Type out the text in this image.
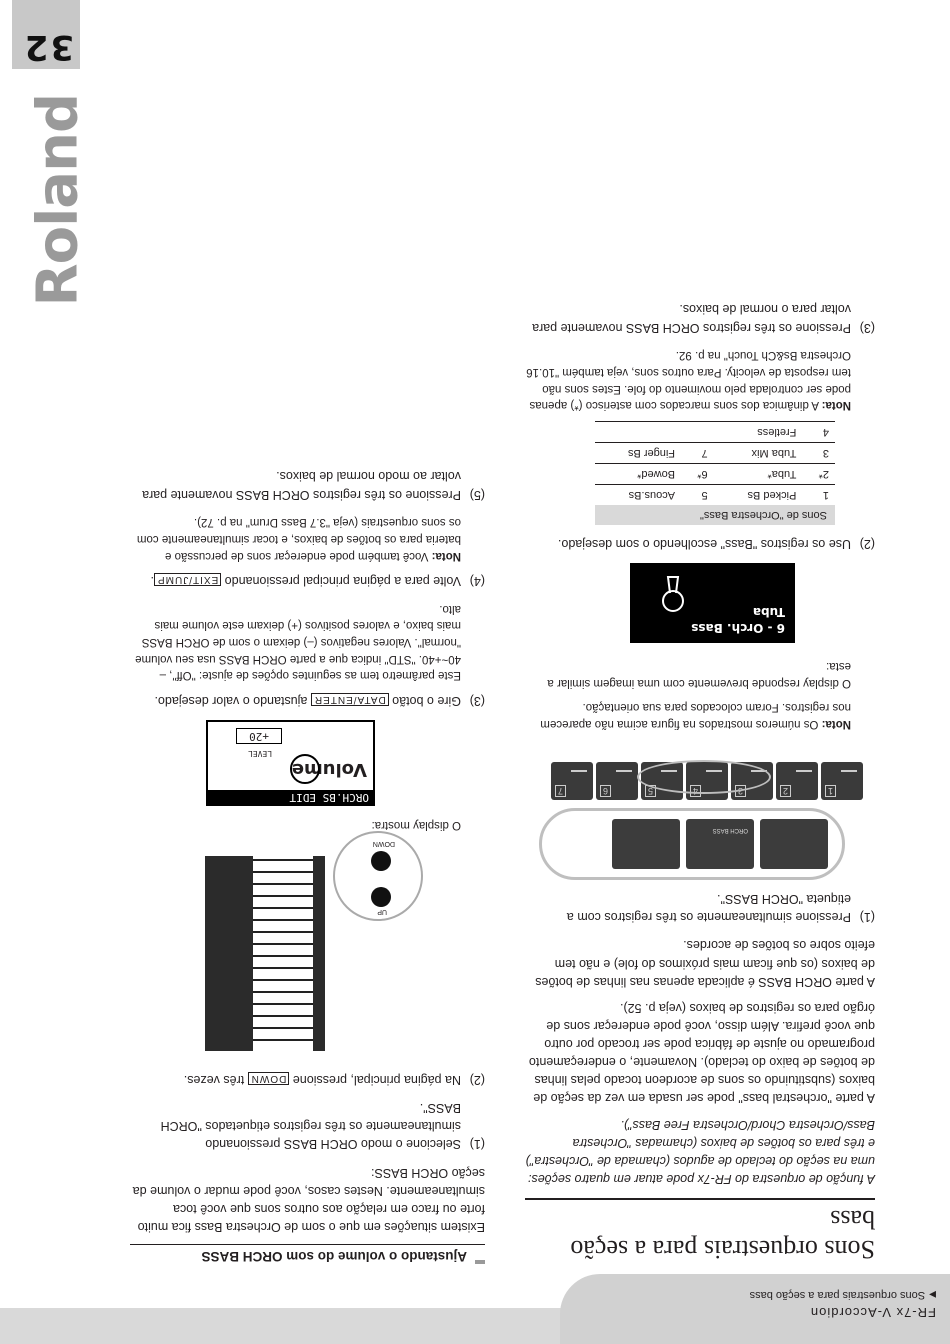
FR-7x V-Accordion
▶Sons orquestrais para a seção bass
32
Roland
Sons orquestrais para a seção bass

A função de orquestra do FR-7x pode atuar em quatro seções: uma na seção do teclado de agudos (chamada de "Orchestra") e três para os botões de baixos (chamadas "Orchestra Bass/Orchestra Chord/Orchestra Free Bass").

A parte "orchestral bass" pode ser usada em vez da seção de baixos (substituindo os sons de acordeon tocado pelas linhas de botões de baixo do teclado). Novamente, o endereçamento programado no ajuste de fábrica pode ser trocado por outro que você prefira. Além disso, você pode endereçar sons de órgão para os registros de baixos (veja p. 52).

A parte ORCH BASS é aplicada apenas nas linhas de botões de baixos (os que ficam mais próximos do fole) e não tem efeito sobre os botões de acordes.

(1)
Pressione simultaneamente os três registros com a etiqueta "ORCH BASS".
ORCH BASS
1
2
3
4
5
6
7

Nota: Os números mostrados na figura acima não aparecem nos registros. Foram colocados para sua orientação.

O display responde brevemente com uma imagem similar a esta:

6 - Orch. Bass
Tuba
(2)
Use os registros "Bass" escolhendo o som desejado.
Sons de "Orchestra Bass"			
1	Picked Bs	5	Acous.Bs
2*	Tuba*	6*	Bowed*
3	Tuba Mix	7	Finger Bs
4	Fretless		

Nota: A dinâmica dos sons marcados com asterisco (*) apenas pode ser controlada pelo movimento do fole. Estes sons não tem resposta de velocity. Para outros sons, veja também "10.16 Orchestra Bs&Ch Touch" na p. 92.

(3)
Pressione os três registros ORCH BASS novamente para voltar para o normal de baixos.
Ajustando o volume do som ORCH BASS

Existem situações em que o som de Orchestra Bass fica muito forte ou fraco em relação aos outros sons que você toca simultaneamente. Nestes casos, você pode mudar o volume da seção ORCH BASS:

(1)
Selecione o modo ORCH BASS pressionando simultaneamente os três registros etiquetados "ORCH BASS".
(2)
Na página principal, pressione DOWN três vezes.
UP
DOWN

O display mostra:

ORCH.BS EDIT
Volume
LEVEL
+20
(3)
Gire o botão DATA/ENTER ajustando o valor desejado.

Este parâmetro tem as seguintes opções de ajuste: "Off", –40~+40. "STD" indica que a parte ORCH BASS usa seu volume "normal". Valores negativos (–) deixam o som de ORCH BASS mais baixo, e valores positivos (+) deixam este volume mais alto.

(4)
Volte para a página principal pressionando EXIT/JUMP.

Nota: Você também pode endereçar sons de percussão e bateria para os botões de baixos, e tocar simultaneamente com os sons orquestrais (veja "3.7 Bass Drum" na p. 72).

(5)
Pressione os três registros ORCH BASS novamente para voltar ao modo normal de baixos.
